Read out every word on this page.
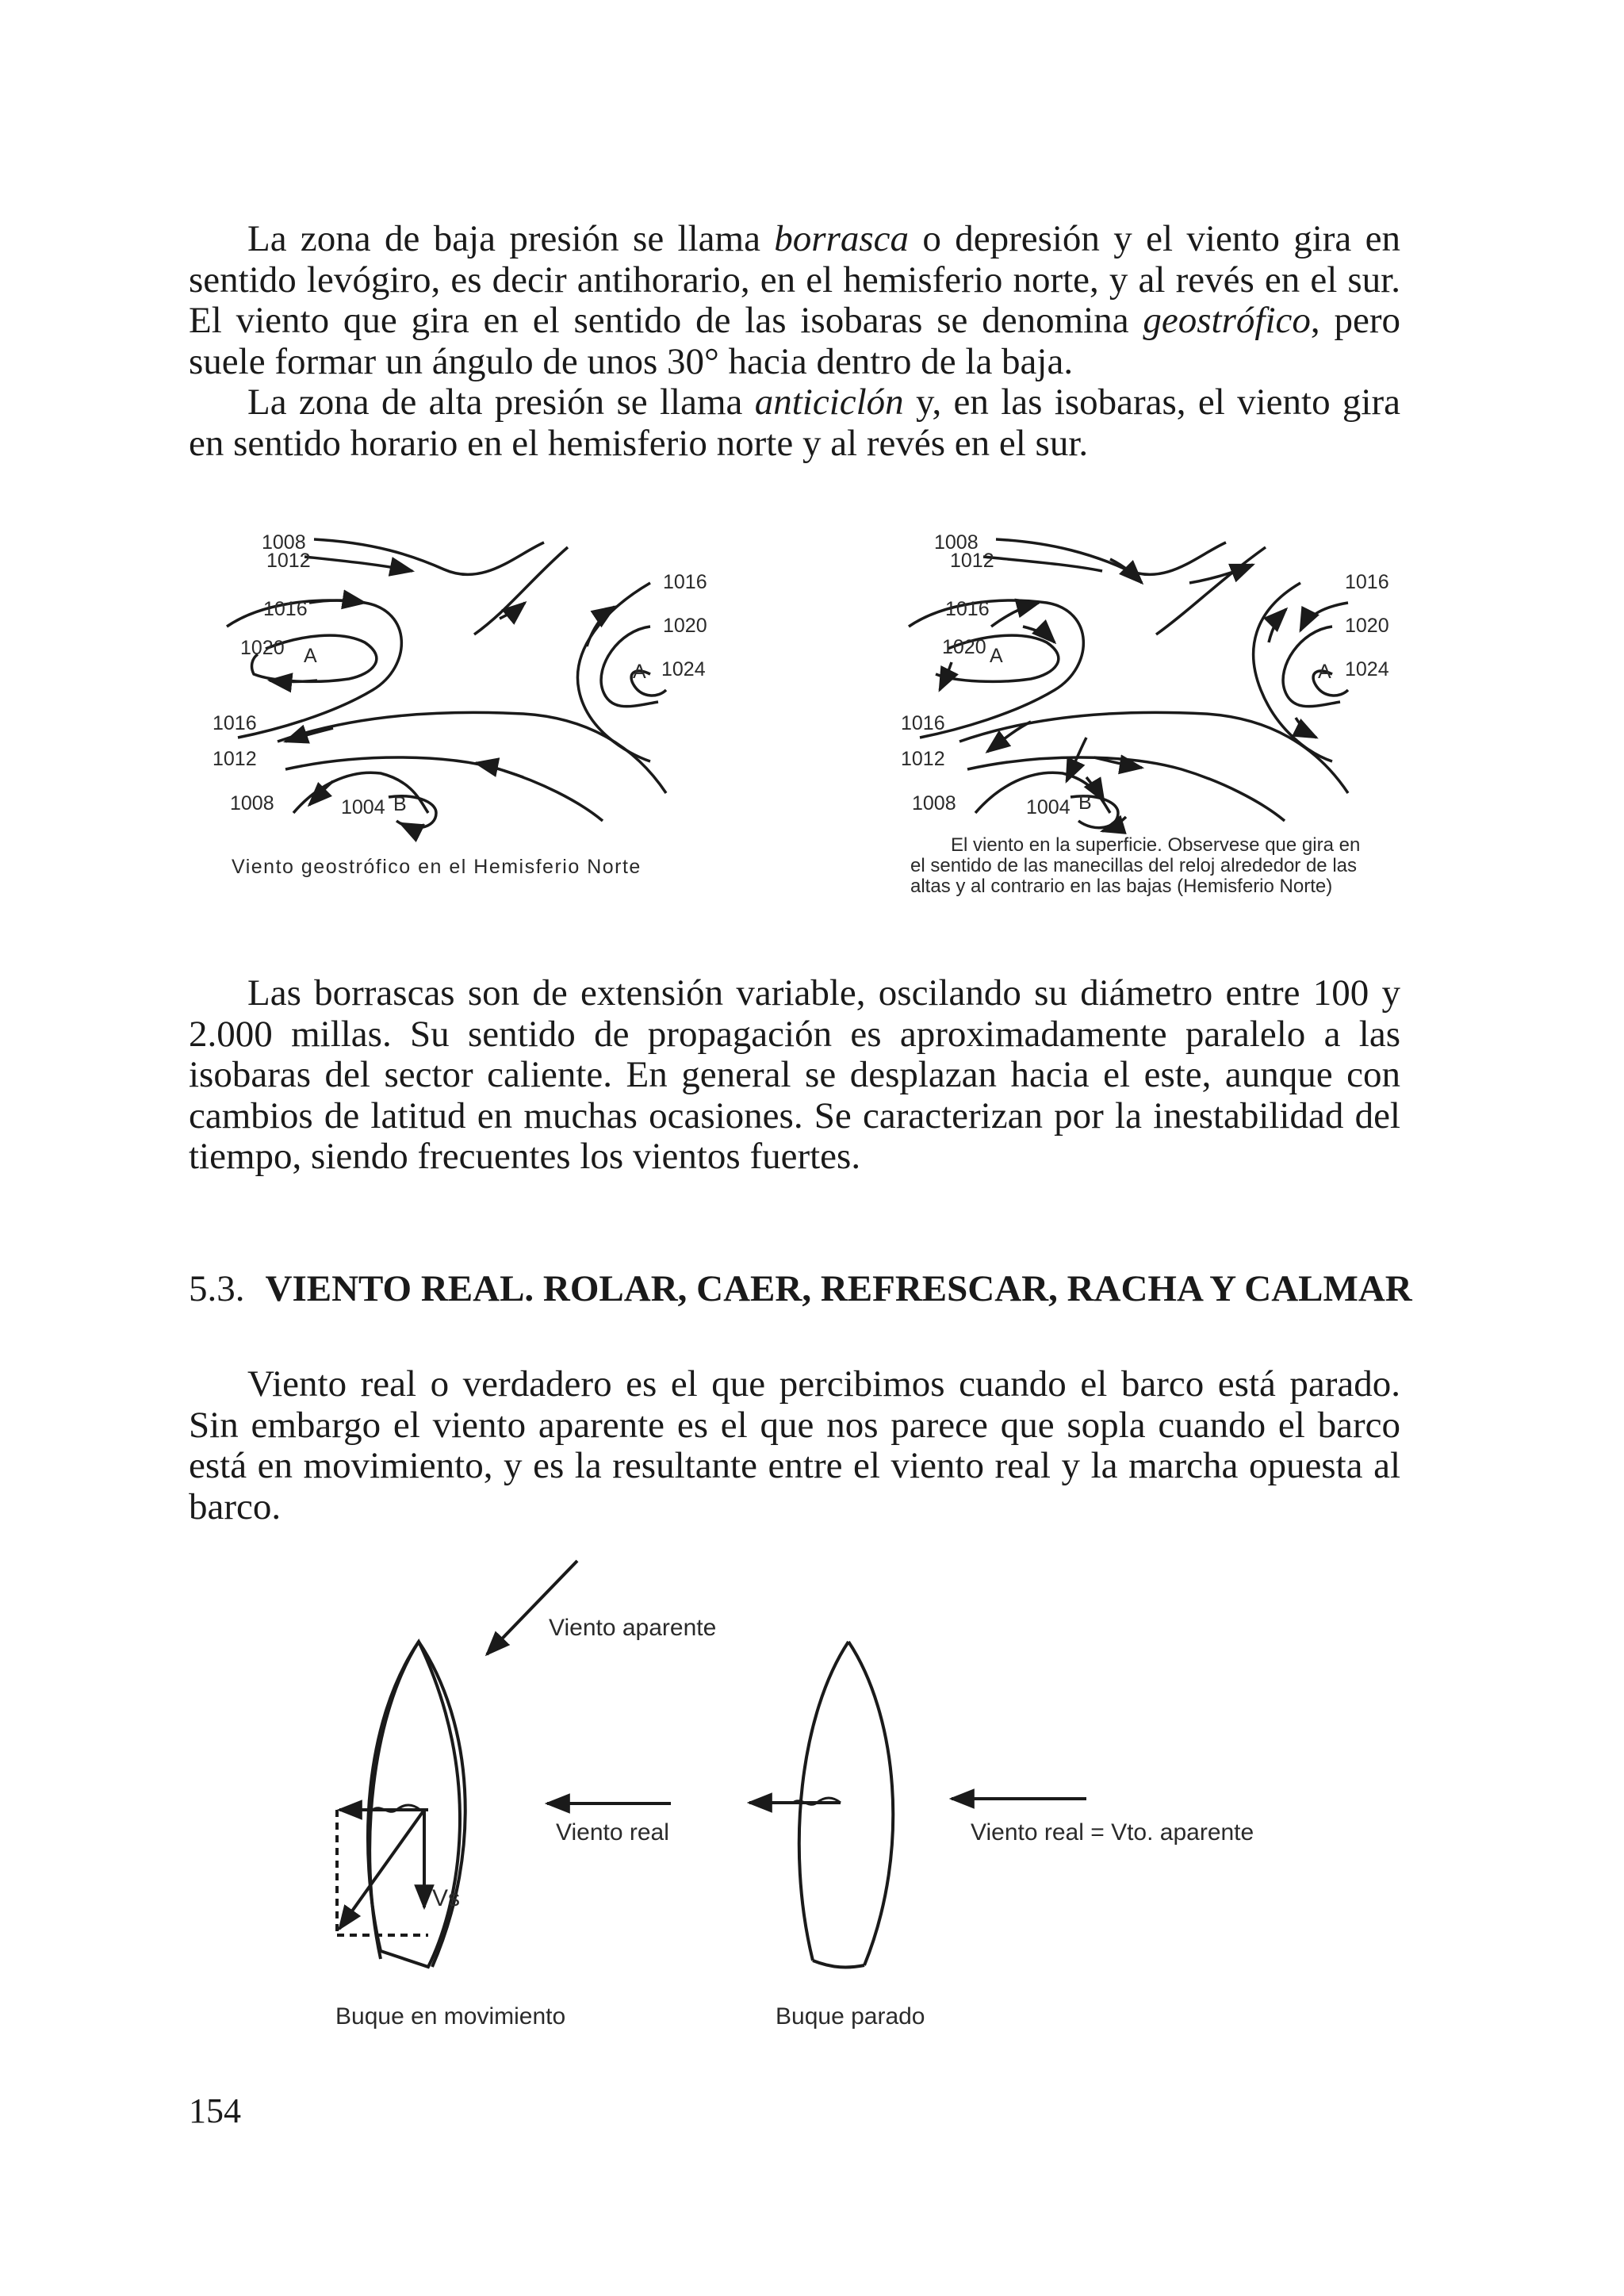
La zona de baja presión se llama borrasca o depresión y el viento gira en sentido levógiro, es decir antihorario, en el hemisferio norte, y al revés en el sur. El viento que gira en el sentido de las isobaras se denomina geostrófico, pero suele formar un ángulo de unos 30° hacia dentro de la baja.

La zona de alta presión se llama anticiclón y, en las isobaras, el viento gira en sentido horario en el hemisferio norte y al revés en el sur.

1008
1012
1016
1020 A
1016
1020
A 1024
1016
1012
1008	1004 B
Viento geostrófico en el Hemisferio Norte
1008
1012
1016
1020 A
1016
1020
A 1024
1016
1012
1008	1004 B
El viento en la superficie. Observese que gira en
el sentido de las manecillas del reloj alrededor de las
altas y al contrario en las bajas (Hemisferio Norte)

Las borrascas son de extensión variable, oscilando su diámetro entre 100 y 2.000 millas. Su sentido de propagación es aproximadamente paralelo a las isobaras del sector caliente. En general se desplazan hacia el este, aunque con cambios de latitud en muchas ocasiones. Se caracterizan por la inestabilidad del tiempo, siendo frecuentes los vientos fuertes.

5.3. VIENTO REAL. ROLAR, CAER, REFRESCAR, RACHA Y CALMAR

Viento real o verdadero es el que percibimos cuando el barco está parado. Sin embargo el viento aparente es el que nos parece que sopla cuando el barco está en movimiento, y es la resultante entre el viento real y la marcha opuesta al barco.

Viento aparente
Viento real
Vs
Viento real = Vto. aparente
Buque en movimiento	Buque parado
154
